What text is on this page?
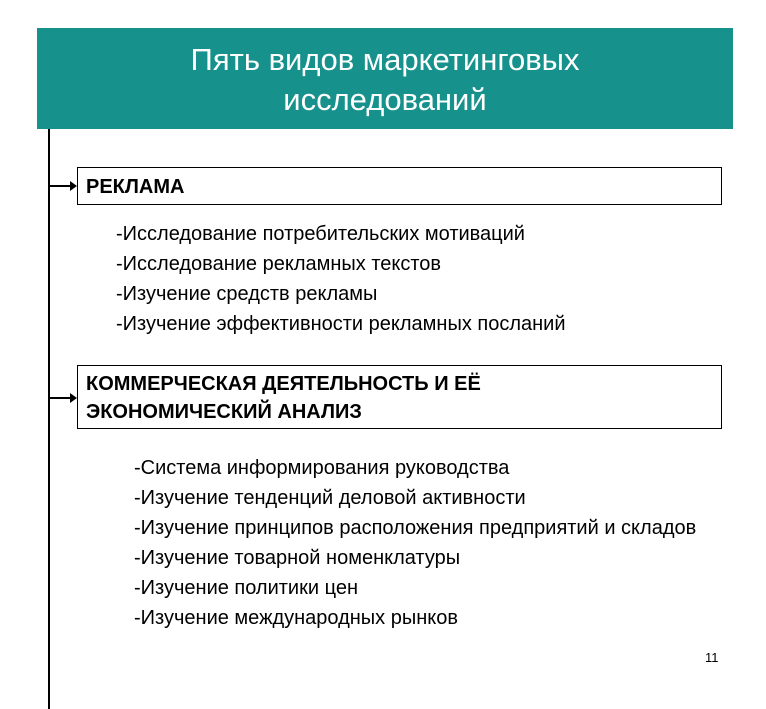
Пять видов маркетинговых
исследований
РЕКЛАМА
-Исследование потребительских мотиваций
-Исследование рекламных текстов
-Изучение средств рекламы
-Изучение эффективности рекламных посланий
КОММЕРЧЕСКАЯ ДЕЯТЕЛЬНОСТЬ И ЕЁ
ЭКОНОМИЧЕСКИЙ АНАЛИЗ
-Система информирования руководства
-Изучение тенденций деловой активности
-Изучение принципов расположения предприятий и складов
-Изучение товарной номенклатуры
-Изучение политики цен
-Изучение международных рынков
11
